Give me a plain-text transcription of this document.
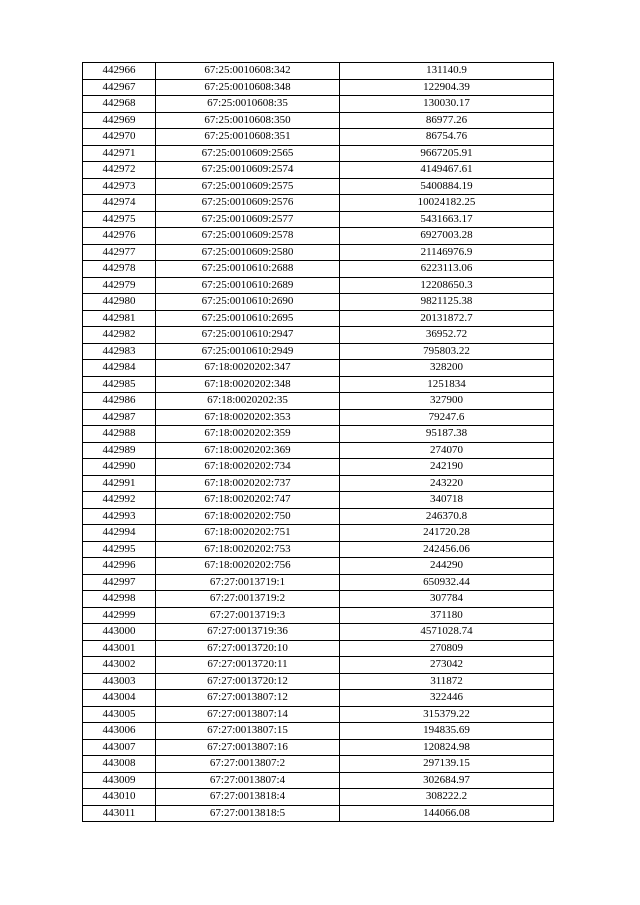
442966	67:25:0010608:342	131140.9
442967	67:25:0010608:348	122904.39
442968	67:25:0010608:35	130030.17
442969	67:25:0010608:350	86977.26
442970	67:25:0010608:351	86754.76
442971	67:25:0010609:2565	9667205.91
442972	67:25:0010609:2574	4149467.61
442973	67:25:0010609:2575	5400884.19
442974	67:25:0010609:2576	10024182.25
442975	67:25:0010609:2577	5431663.17
442976	67:25:0010609:2578	6927003.28
442977	67:25:0010609:2580	21146976.9
442978	67:25:0010610:2688	6223113.06
442979	67:25:0010610:2689	12208650.3
442980	67:25:0010610:2690	9821125.38
442981	67:25:0010610:2695	20131872.7
442982	67:25:0010610:2947	36952.72
442983	67:25:0010610:2949	795803.22
442984	67:18:0020202:347	328200
442985	67:18:0020202:348	1251834
442986	67:18:0020202:35	327900
442987	67:18:0020202:353	79247.6
442988	67:18:0020202:359	95187.38
442989	67:18:0020202:369	274070
442990	67:18:0020202:734	242190
442991	67:18:0020202:737	243220
442992	67:18:0020202:747	340718
442993	67:18:0020202:750	246370.8
442994	67:18:0020202:751	241720.28
442995	67:18:0020202:753	242456.06
442996	67:18:0020202:756	244290
442997	67:27:0013719:1	650932.44
442998	67:27:0013719:2	307784
442999	67:27:0013719:3	371180
443000	67:27:0013719:36	4571028.74
443001	67:27:0013720:10	270809
443002	67:27:0013720:11	273042
443003	67:27:0013720:12	311872
443004	67:27:0013807:12	322446
443005	67:27:0013807:14	315379.22
443006	67:27:0013807:15	194835.69
443007	67:27:0013807:16	120824.98
443008	67:27:0013807:2	297139.15
443009	67:27:0013807:4	302684.97
443010	67:27:0013818:4	308222.2
443011	67:27:0013818:5	144066.08
